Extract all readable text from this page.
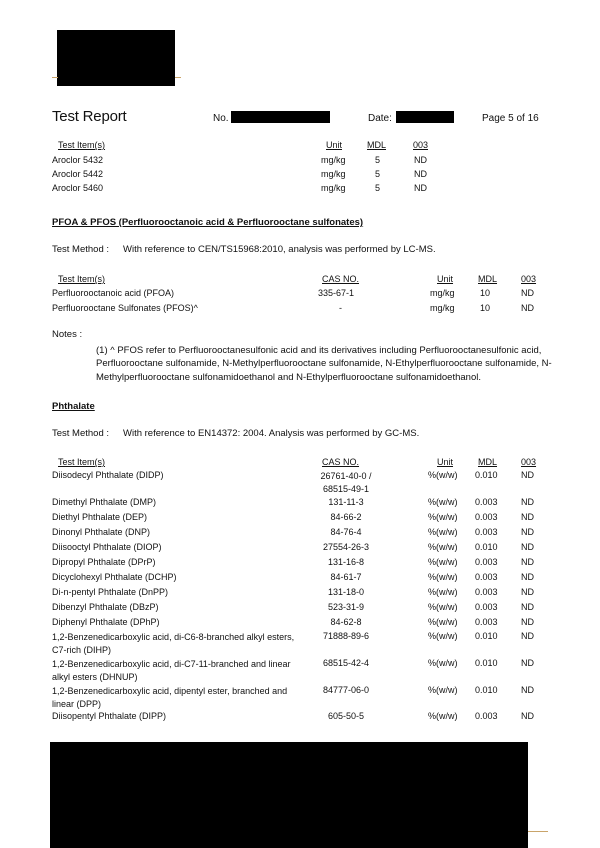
Test Report	No.	Date:	Page 5 of 16
Test Item(s)	Unit	MDL	003
Aroclor 5432	mg/kg	5	ND
Aroclor 5442	mg/kg	5	ND
Aroclor 5460	mg/kg	5	ND
PFOA & PFOS (Perfluorooctanoic acid & Perfluorooctane sulfonates)
Test Method : With reference to CEN/TS15968:2010, analysis was performed by LC-MS.
Test Item(s)	CAS NO.	Unit	MDL	003
Perfluorooctanoic acid (PFOA)	335-67-1	mg/kg	10	ND
Perfluorooctane Sulfonates (PFOS)^	-	mg/kg	10	ND
Notes :
(1) ^ PFOS refer to Perfluorooctanesulfonic acid and its derivatives including Perfluorooctanesulfonic acid, Perfluorooctane sulfonamide, N-Methylperfluorooctane sulfonamide, N-Ethylperfluorooctane sulfonamide, N-Methylperfluorooctane sulfonamidoethanol and N-Ethylperfluorooctane sulfonamidoethanol.
Phthalate
Test Method : With reference to EN14372: 2004. Analysis was performed by GC-MS.
Test Item(s)	CAS NO.	Unit	MDL	003
Diisodecyl Phthalate (DIDP)	26761-40-0 / 68515-49-1
%(w/w) 0.010	ND
Dimethyl Phthalate (DMP)	131-11-3	%(w/w) 0.003	ND
Diethyl Phthalate (DEP)	84-66-2	%(w/w) 0.003	ND
Dinonyl Phthalate (DNP)	84-76-4	%(w/w) 0.003	ND
Diisooctyl Phthalate (DIOP)	27554-26-3	%(w/w) 0.010	ND
Dipropyl Phthalate (DPrP)	131-16-8	%(w/w) 0.003	ND
Dicyclohexyl Phthalate (DCHP)	84-61-7	%(w/w) 0.003	ND
Di-n-pentyl Phthalate (DnPP)	131-18-0	%(w/w) 0.003	ND
Dibenzyl Phthalate (DBzP)	523-31-9	%(w/w) 0.003	ND
Diphenyl Phthalate (DPhP)	84-62-8	%(w/w) 0.003	ND
1,2-Benzenedicarboxylic acid, di-C6-8-branched alkyl esters, C7-rich (DIHP)
71888-89-6	%(w/w) 0.010	ND
1,2-Benzenedicarboxylic acid, di-C7-11-branched and linear alkyl esters (DHNUP)
68515-42-4	%(w/w) 0.010	ND
1,2-Benzenedicarboxylic acid, dipentyl ester, branched and linear (DPP)
84777-06-0	%(w/w) 0.010	ND
Diisopentyl Phthalate (DIPP)	605-50-5	%(w/w) 0.003	ND
